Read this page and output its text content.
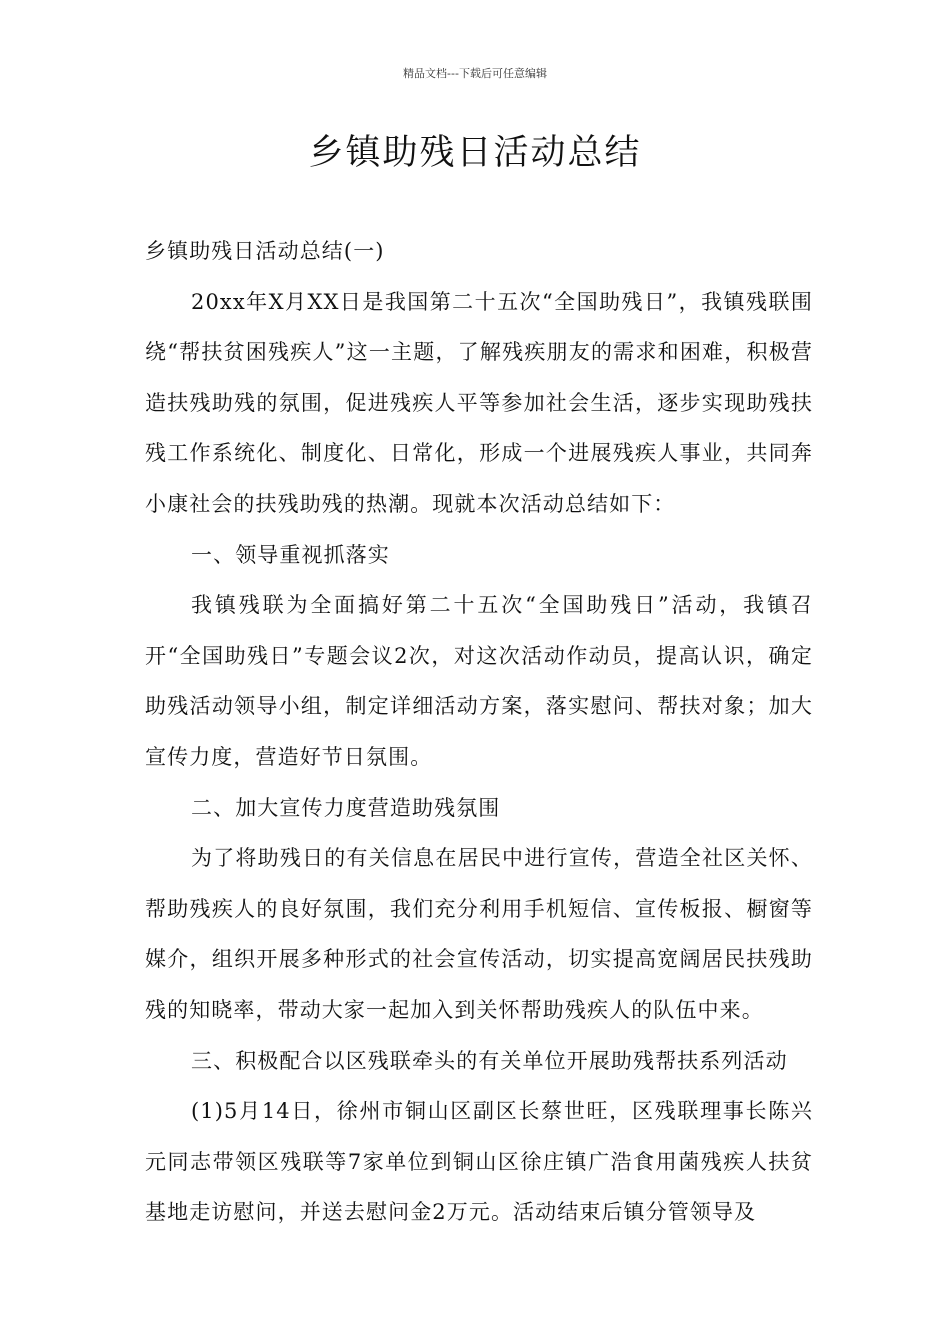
精品文档---下载后可任意编辑
乡镇助残日活动总结

乡镇助残日活动总结(一)

20xx年X月XX日是我国第二十五次“全国助残日”，我镇残联围绕“帮扶贫困残疾人”这一主题，了解残疾朋友的需求和困难，积极营造扶残助残的氛围，促进残疾人平等参加社会生活，逐步实现助残扶残工作系统化、制度化、日常化，形成一个进展残疾人事业，共同奔小康社会的扶残助残的热潮。现就本次活动总结如下：

一、领导重视抓落实

我镇残联为全面搞好第二十五次“全国助残日”活动，我镇召开“全国助残日”专题会议2次，对这次活动作动员，提高认识，确定助残活动领导小组，制定详细活动方案，落实慰问、帮扶对象；加大宣传力度，营造好节日氛围。

二、加大宣传力度营造助残氛围

为了将助残日的有关信息在居民中进行宣传，营造全社区关怀、帮助残疾人的良好氛围，我们充分利用手机短信、宣传板报、橱窗等媒介，组织开展多种形式的社会宣传活动，切实提高宽阔居民扶残助残的知晓率，带动大家一起加入到关怀帮助残疾人的队伍中来。

三、积极配合以区残联牵头的有关单位开展助残帮扶系列活动

(1)5月14日，徐州市铜山区副区长蔡世旺，区残联理事长陈兴元同志带领区残联等7家单位到铜山区徐庄镇广浩食用菌残疾人扶贫基地走访慰问，并送去慰问金2万元。活动结束后镇分管领导及
